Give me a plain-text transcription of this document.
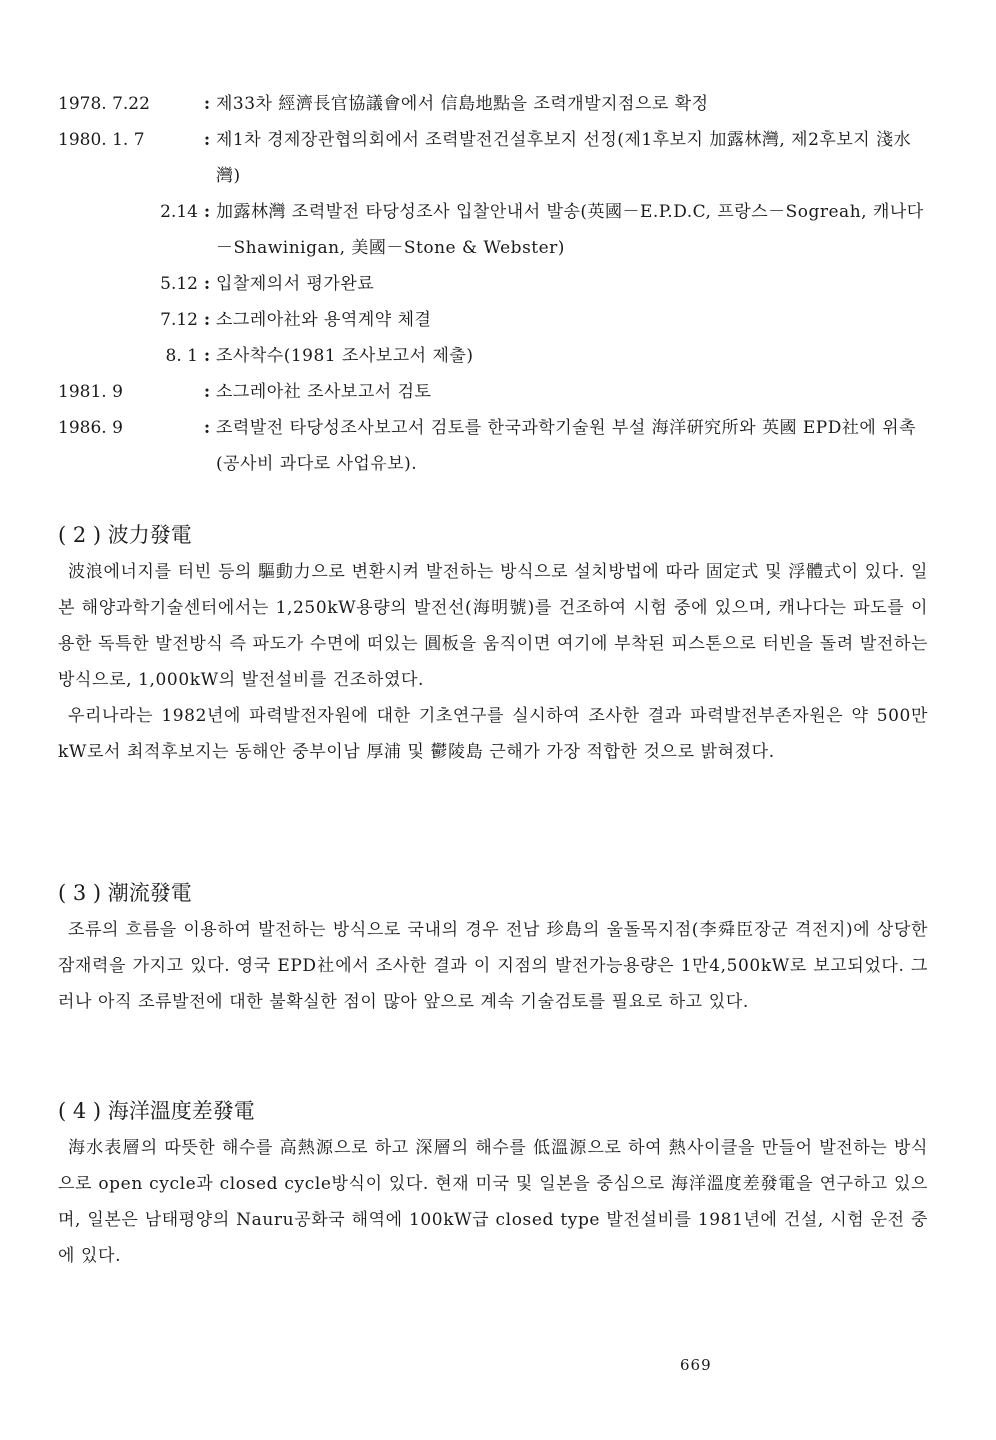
1978. 7.22	: 제33차 經濟長官協議會에서 信島地點을 조력개발지점으로 확정
1980. 1. 7	: 제1차 경제장관협의회에서 조력발전건설후보지 선정(제1후보지 加露林灣, 제2후보지 淺水灣)
2.14 : 加露林灣 조력발전 타당성조사 입찰안내서 발송(英國－E.P.D.C, 프랑스－Sogreah, 캐나다－Shawinigan, 美國－Stone & Webster)
5.12 : 입찰제의서 평가완료
7.12 : 소그레아社와 용역계약 체결
8. 1 : 조사착수(1981 조사보고서 제출)
1981. 9	: 소그레아社 조사보고서 검토
1986. 9	: 조력발전 타당성조사보고서 검토를 한국과학기술원 부설 海洋硏究所와 英國 EPD社에 위촉(공사비 과다로 사업유보).
( 2 ) 波力發電

波浪에너지를 터빈 등의 驅動力으로 변환시켜 발전하는 방식으로 설치방법에 따라 固定式 및 浮體式이 있다. 일본 해양과학기술센터에서는 1,250kW용량의 발전선(海明號)를 건조하여 시험 중에 있으며, 캐나다는 파도를 이용한 독특한 발전방식 즉 파도가 수면에 떠있는 圓板을 움직이면 여기에 부착된 피스톤으로 터빈을 돌려 발전하는 방식으로, 1,000kW의 발전설비를 건조하였다.

우리나라는 1982년에 파력발전자원에 대한 기초연구를 실시하여 조사한 결과 파력발전부존자원은 약 500만kW로서 최적후보지는 동해안 중부이남 厚浦 및 鬱陵島 근해가 가장 적합한 것으로 밝혀졌다.

( 3 ) 潮流發電

조류의 흐름을 이용하여 발전하는 방식으로 국내의 경우 전남 珍島의 울돌목지점(李舜臣장군 격전지)에 상당한 잠재력을 가지고 있다. 영국 EPD社에서 조사한 결과 이 지점의 발전가능용량은 1만4,500kW로 보고되었다. 그러나 아직 조류발전에 대한 불확실한 점이 많아 앞으로 계속 기술검토를 필요로 하고 있다.

( 4 ) 海洋溫度差發電

海水表層의 따뜻한 해수를 高熱源으로 하고 深層의 해수를 低溫源으로 하여 熱사이클을 만들어 발전하는 방식으로 open cycle과 closed cycle방식이 있다. 현재 미국 및 일본을 중심으로 海洋溫度差發電을 연구하고 있으며, 일본은 남태평양의 Nauru공화국 해역에 100kW급 closed type 발전설비를 1981년에 건설, 시험 운전 중에 있다.

669
